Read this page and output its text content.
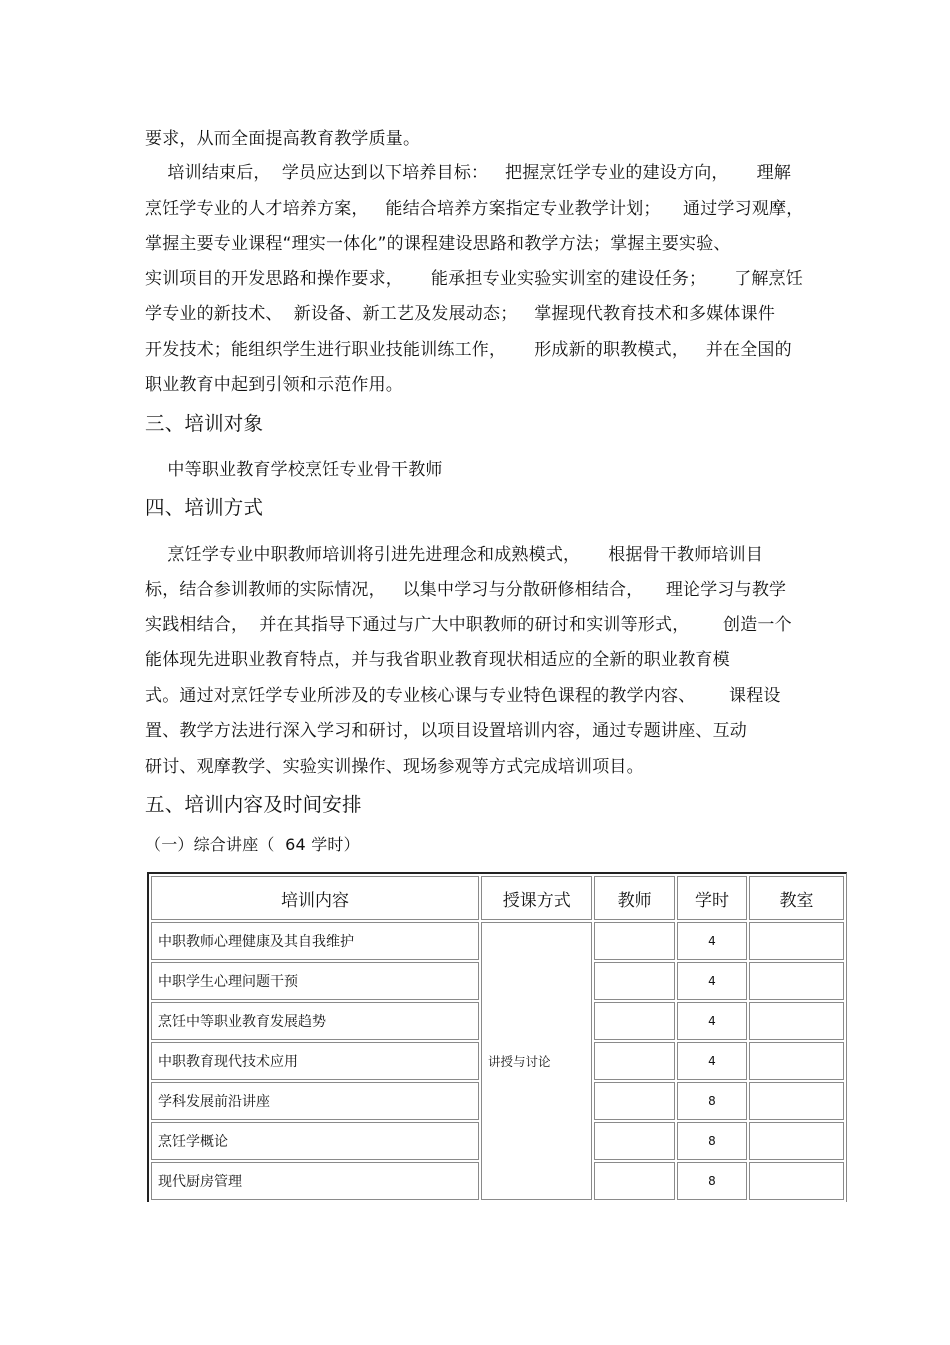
要求，从而全面提高教育教学质量。
培训结束后，  学员应达到以下培养目标：   把握烹饪学专业的建设方向，     理解
烹饪学专业的人才培养方案，   能结合培养方案指定专业教学计划；    通过学习观摩，
掌握主要专业课程“理实一体化”的课程建设思路和教学方法；掌握主要实验、
实训项目的开发思路和操作要求，     能承担专业实验实训室的建设任务；     了解烹饪
学专业的新技术、  新设备、新工艺及发展动态；   掌握现代教育技术和多媒体课件
开发技术；能组织学生进行职业技能训练工作，     形成新的职教模式，   并在全国的
职业教育中起到引领和示范作用。
三、培训对象
中等职业教育学校烹饪专业骨干教师
四、培训方式
烹饪学专业中职教师培训将引进先进理念和成熟模式，     根据骨干教师培训目
标，结合参训教师的实际情况，   以集中学习与分散研修相结合，    理论学习与教学
实践相结合，  并在其指导下通过与广大中职教师的研讨和实训等形式，      创造一个
能体现先进职业教育特点，并与我省职业教育现状相适应的全新的职业教育模
式。通过对烹饪学专业所涉及的专业核心课与专业特色课程的教学内容、      课程设
置、教学方法进行深入学习和研讨，以项目设置培训内容，通过专题讲座、互动
研讨、观摩教学、实验实训操作、现场参观等方式完成培训项目。
五、培训内容及时间安排
（一）综合讲座（  64 学时）
培训内容	授课方式	教师	学时	教室
中职教师心理健康及其自我维护	讲授与讨论		4	
中职学生心理问题干预			4	
烹饪中等职业教育发展趋势			4	
中职教育现代技术应用			4	
学科发展前沿讲座			8	
烹饪学概论			8	
现代厨房管理			8	
